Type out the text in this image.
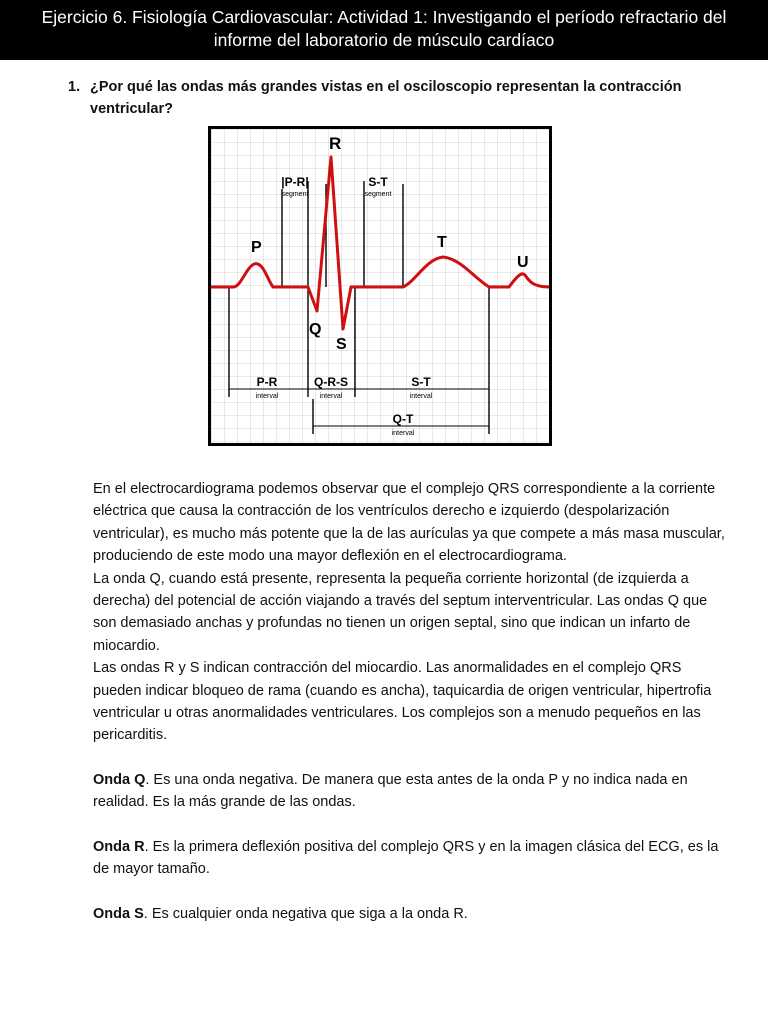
Ejercicio 6. Fisiología Cardiovascular: Actividad 1: Investigando el período refractario del
informe del laboratorio de músculo cardíaco
1. ¿Por qué las ondas más grandes vistas en el osciloscopio representan la contracción ventricular?
R
P
Q
S
T
U
|P-R|
segment
S-T
segment
P-R
interval
Q-R-S
interval
S-T
interval
Q-T
interval

En el electrocardiograma podemos observar que el complejo QRS correspondiente a la corriente eléctrica que causa la contracción de los ventrículos derecho e izquierdo (despolarización ventricular), es mucho más potente que la de las aurículas ya que compete a más masa muscular, produciendo de este modo una mayor deflexión en el electrocardiograma.

La onda Q, cuando está presente, representa la pequeña corriente horizontal (de izquierda a derecha) del potencial de acción viajando a través del septum interventricular. Las ondas Q que son demasiado anchas y profundas no tienen un origen septal, sino que indican un infarto de miocardio.

Las ondas R y S indican contracción del miocardio. Las anormalidades en el complejo QRS pueden indicar bloqueo de rama (cuando es ancha), taquicardia de origen ventricular, hipertrofia ventricular u otras anormalidades ventriculares. Los complejos son a menudo pequeños en las pericarditis.

Onda Q. Es una onda negativa. De manera que esta antes de la onda P y no indica nada en realidad. Es la más grande de las ondas.

Onda R. Es la primera deflexión positiva del complejo QRS y en la imagen clásica del ECG, es la de mayor tamaño.

Onda S. Es cualquier onda negativa que siga a la onda R.
